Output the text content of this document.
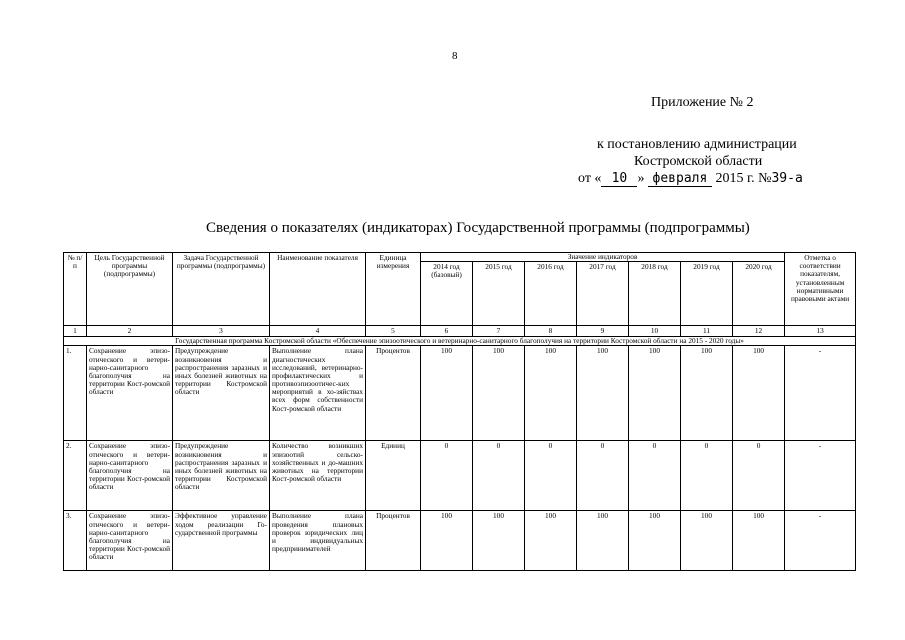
8
Приложение № 2
к постановлению администрации
Костромской области
от « 10 » февраля 2015 г. №39-а
Сведения о показателях (индикаторах) Государственной программы (подпрограммы)
№ п/п	Цель Государственной программы (подпрограммы)	Задача Государственной программы (подпрограммы)	Наименование показателя	Единица измерения	Значение индикаторов							Отметка о соответствии показателям, установленным нормативными правовыми актами
					2014 год (базовый)	2015 год	2016 год	2017 год	2018 год	2019 год	2020 год	
1	2	3	4	5	6	7	8	9	10	11	12	13
Государственная программа Костромской области «Обеспечение эпизоотического и ветеринарно-санитарного благополучия на территории Костромской области на 2015 - 2020 годы»												
1.	Сохранение эпизо-отического и ветери-нарно-санитарного благополучия на территории Кост-ромской области	Предупреждение возникновения и распространения заразных и иных болезней животных на территории Костромской области	Выполнение плана диагностических исследований, ветеринарно-профилактических и противоэпизоотичес-ких мероприятий в хо-зяйствах всех форм собственности Кост-ромской области	Процентов	100	100	100	100	100	100	100	-
2.	Сохранение эпизо-отического и ветери-нарно-санитарного благополучия на территории Кост-ромской области	Предупреждение возникновения и распространения заразных и иных болезней животных на территории Костромской области	Количество возникших эпизоотий сельско-хозяйственных и до-машних животных на территории Кост-ромской области	Единиц	0	0	0	0	0	0	0	-
3.	Сохранение эпизо-отического и ветери-нарно-санитарного благополучия на территории Кост-ромской области	Эффективное управление ходом реализации Го-сударственной программы	Выполнение плана проведения плановых проверок юридических лиц и индивидуальных предпринимателей	Процентов	100	100	100	100	100	100	100	-
